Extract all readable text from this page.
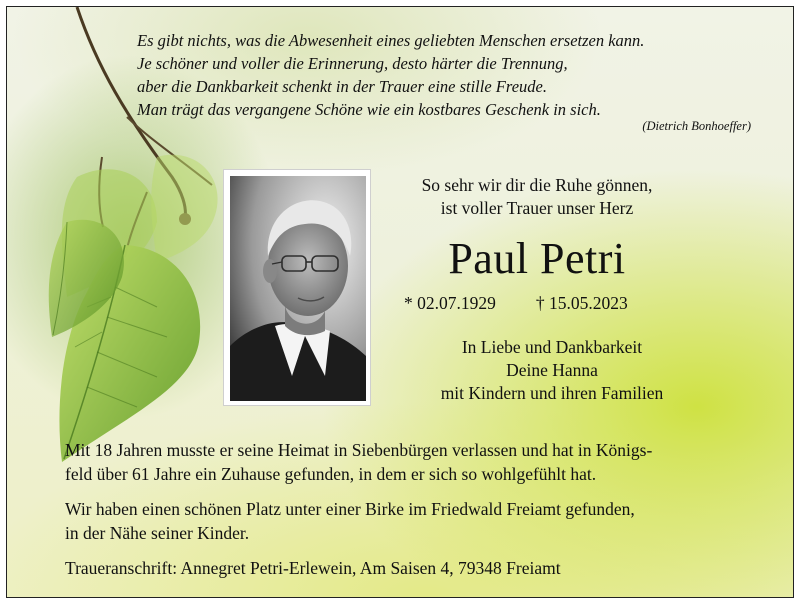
Es gibt nichts, was die Abwesenheit eines geliebten Menschen ersetzen kann.
Je schöner und voller die Erinnerung, desto härter die Trennung,
aber die Dankbarkeit schenkt in der Trauer eine stille Freude.
Man trägt das vergangene Schöne wie ein kostbares Geschenk in sich.

(Dietrich Bonhoeffer)
So sehr wir dir die Ruhe gönnen,
ist voller Trauer unser Herz
Paul Petri
* 02.07.1929 † 15.05.2023
In Liebe und Dankbarkeit
Deine Hanna
mit Kindern und ihren Familien

Mit 18 Jahren musste er seine Heimat in Siebenbürgen verlassen und hat in Königs-
feld über 61 Jahre ein Zuhause gefunden, in dem er sich so wohlgefühlt hat.

Wir haben einen schönen Platz unter einer Birke im Friedwald Freiamt gefunden,
in der Nähe seiner Kinder.

Traueranschrift: Annegret Petri-Erlewein, Am Saisen 4, 79348 Freiamt
